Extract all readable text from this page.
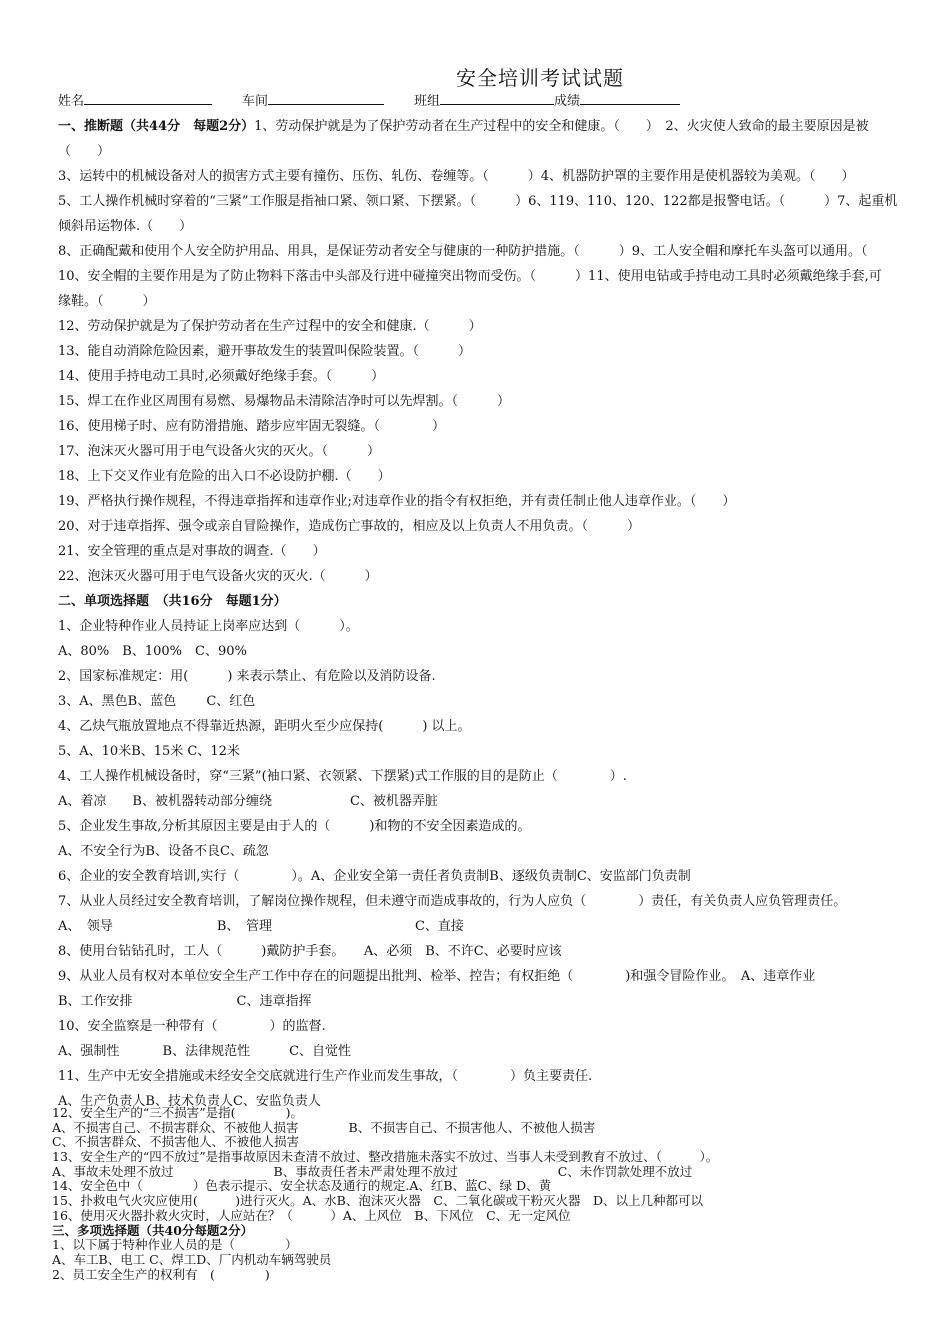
安全培训考试试题
姓名	车间	班组	成绩
一、推断题（共44分　每题2分）1、劳动保护就是为了保护劳动者在生产过程中的安全和健康。（　　）　2、火灾使人致命的最主要原因是被
（　　）
3、运转中的机械设备对人的损害方式主要有撞伤、压伤、轧伤、卷缠等。（　　　）4、机器防护罩的主要作用是使机器较为美观。（　　）
5、工人操作机械时穿着的“三紧”工作服是指袖口紧、领口紧、下摆紧。（　　　）6、119、110、120、122都是报警电话。（　　　）7、起重机
倾斜吊运物体.（　　）
8、正确配戴和使用个人安全防护用品、用具，是保证劳动者安全与健康的一种防护措施。（　　　）9、工人安全帽和摩托车头盔可以通用。（
10、安全帽的主要作用是为了防止物料下落击中头部及行进中碰撞突出物而受伤。（　　　）11、使用电钻或手持电动工具时必须戴绝缘手套,可
缘鞋。（　　　）
12、劳动保护就是为了保护劳动者在生产过程中的安全和健康.（　　　）
13、能自动消除危险因素，避开事故发生的装置叫保险装置。（　　　）
14、使用手持电动工具时,必须戴好绝缘手套。（　　　）
15、焊工在作业区周围有易燃、易爆物品未清除洁净时可以先焊割。（　　　）
16、使用梯子时、应有防滑措施、踏步应牢固无裂缝。（　　　　）
17、泡沫灭火器可用于电气设备火灾的灭火。（　　　）
18、上下交叉作业有危险的出入口不必设防护棚.（　　）
19、严格执行操作规程，不得违章指挥和违章作业;对违章作业的指令有权拒绝，并有责任制止他人违章作业。（　　）
20、对于违章指挥、强令或亲自冒险操作，造成伤亡事故的，相应及以上负责人不用负责。（　　　）
21、安全管理的重点是对事故的调查.（　　）
22、泡沫灭火器可用于电气设备火灾的灭火.（　　　）
二、单项选择题　（共16分　每题1分）
1、企业特种作业人员持证上岗率应达到（　　　）。
A、80%　B、100%　C、90%
2、国家标准规定：用(　　　) 来表示禁止、有危险以及消防设备.
3、A、黑色B、蓝色　　 C、红色
4、乙炔气瓶放置地点不得靠近热源，距明火至少应保持(　　　) 以上。
5、A、10米B、15米 C、12米
4、工人操作机械设备时，穿“三紧”(袖口紧、衣领紧、下摆紧)式工作服的目的是防止（　　　　）.
A、着凉　　B、被机器转动部分缠绕　　　　　　C、被机器弄脏
5、企业发生事故,分析其原因主要是由于人的（　　　)和物的不安全因素造成的。
A、不安全行为B、设备不良C、疏忽
6、企业的安全教育培训,实行（　　　　）。A、企业安全第一责任者负责制B、逐级负责制C、安监部门负责制
7、从业人员经过安全教育培训，了解岗位操作规程，但未遵守而造成事故的，行为人应负（　　　　）责任，有关负责人应负管理责任。
A、　领导　　　　　　　　B、　管理　　　　　　　　　　　C、直接
8、使用台钻钻孔时，工人（　　　)戴防护手套。　　A、必须　B、不许C、必要时应该
9、从业人员有权对本单位安全生产工作中存在的问题提出批判、检举、控告；有权拒绝（　　　　)和强令冒险作业。　A、违章作业
B、工作安排　　　　　　　　C、违章指挥
10、安全监察是一种带有（　　　　）的监督.
A、强制性　　　 B、法律规范性　　　C、自觉性
11、生产中无安全措施或未经安全交底就进行生产作业而发生事故，（　　　　）负主要责任.
A、生产负责人B、技术负责人C、安监负责人
12、安全生产的“三不损害”是指(　　　　)。
A、不损害自己、不损害群众、不被他人损害　　　　B、不损害自己、不损害他人、不被他人损害
C、不损害群众、不损害他人、不被他人损害
13、安全生产的“四不放过”是指事故原因未查清不放过、整改措施未落实不放过、当事人未受到教育不放过、（　　　）。
A、事故未处理不放过　　　　　　　　B、事故责任者未严肃处理不放过　　　　　　　　C、未作罚款处理不放过
14、安全色中（　　　　）色表示提示、安全状态及通行的规定.A、红B、蓝C、绿 D、黄
15、扑救电气火灾应使用(　　　)进行灭火。A、水B、泡沫灭火器　C、二氧化碳或干粉灭火器　D、以上几种都可以
16、使用灭火器扑救火灾时，人应站在？（　　　）A、上风位　B、下风位　C、无一定风位
三、多项选择题（共40分每题2分）
1、以下属于特种作业人员的是（　　　　）
A、车工B、电工 C、焊工D、厂内机动车辆驾驶员
2、员工安全生产的权利有　(　　　　)
